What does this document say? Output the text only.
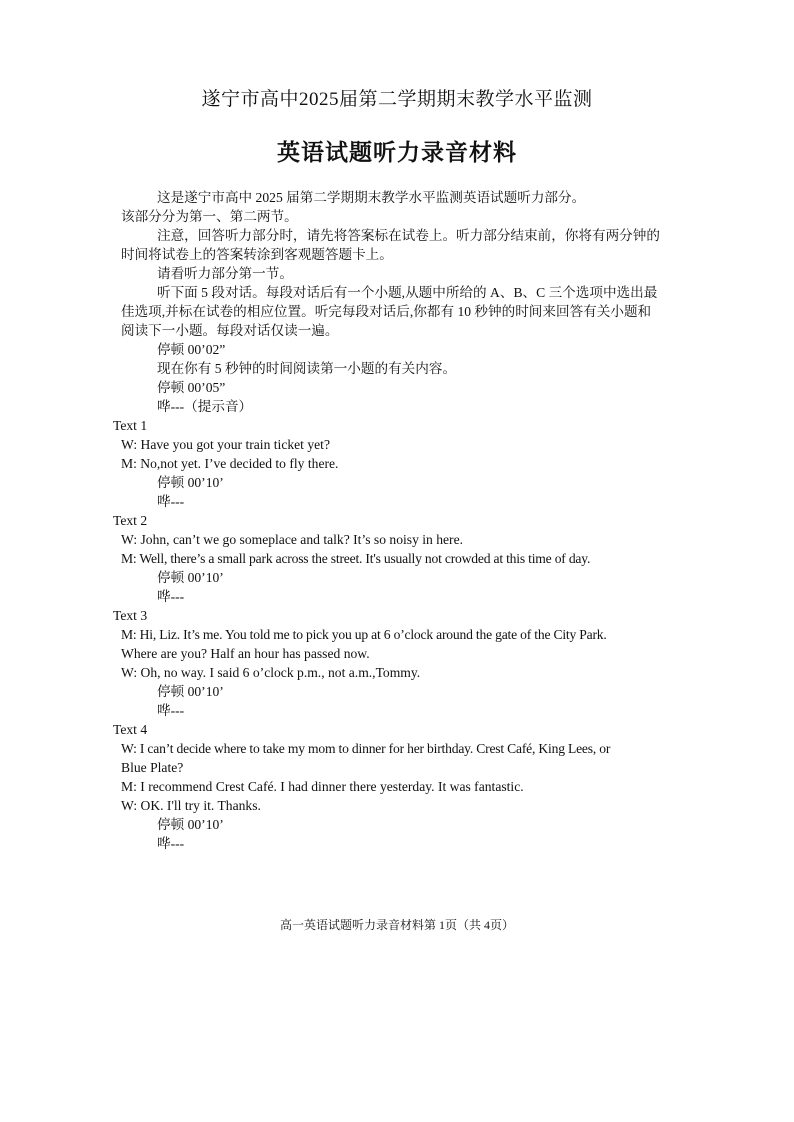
遂宁市高中2025届第二学期期末教学水平监测
英语试题听力录音材料

这是遂宁市高中 2025 届第二学期期末教学水平监测英语试题听力部分。

该部分分为第一、第二两节。

注意，回答听力部分时，请先将答案标在试卷上。听力部分结束前，你将有两分钟的

时间将试卷上的答案转涂到客观题答题卡上。

请看听力部分第一节。

听下面 5 段对话。每段对话后有一个小题,从题中所给的 A、B、C 三个选项中选出最

佳选项,并标在试卷的相应位置。听完每段对话后,你都有 10 秒钟的时间来回答有关小题和

阅读下一小题。每段对话仅读一遍。

停顿 00’02”

现在你有 5 秒钟的时间阅读第一小题的有关内容。

停顿 00’05”

哗---（提示音）

Text 1

W: Have you got your train ticket yet?

M: No,not yet. I’ve decided to fly there.

停顿 00’10’

哗---

Text 2

W: John, can’t we go someplace and talk? It’s so noisy in here.

M: Well, there’s a small park across the street. It's usually not crowded at this time of day.

停顿 00’10’

哗---

Text 3

M: Hi, Liz. It’s me. You told me to pick you up at 6 o’clock around the gate of the City Park.

Where are you? Half an hour has passed now.

W: Oh, no way. I said 6 o’clock p.m., not a.m.,Tommy.

停顿 00’10’

哗---

Text 4

W: I can’t decide where to take my mom to dinner for her birthday. Crest Café, King Lees, or

Blue Plate?

M: I recommend Crest Café. I had dinner there yesterday. It was fantastic.

W: OK. I'll try it. Thanks.

停顿 00’10’

哗---

高一英语试题听力录音材料第 1页（共 4页）
